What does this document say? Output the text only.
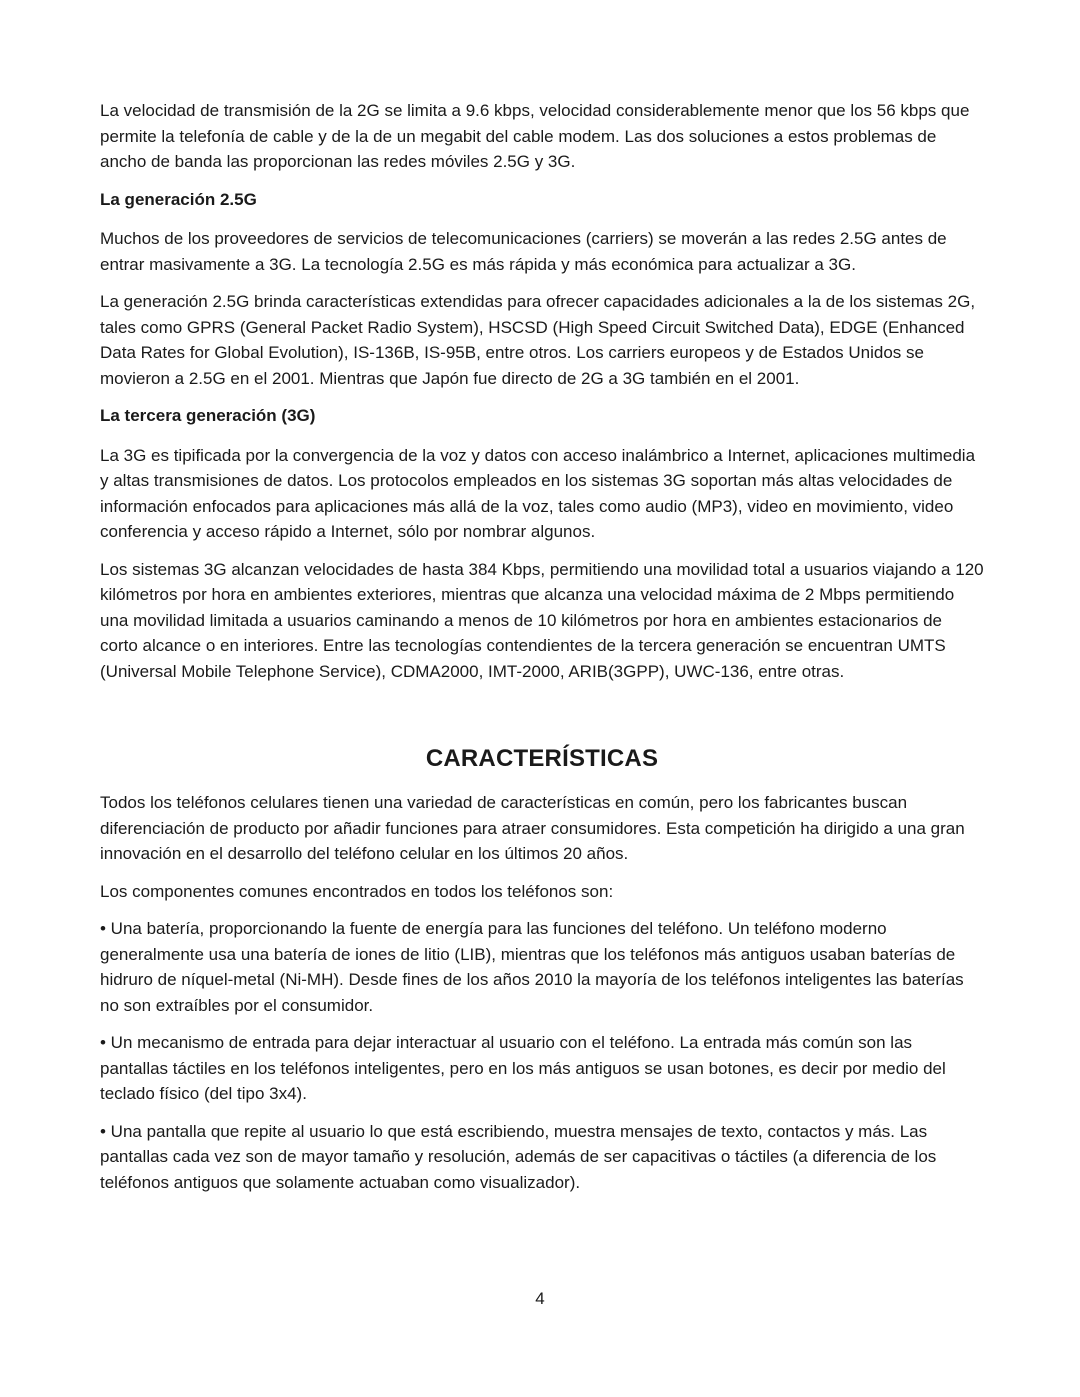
La velocidad de transmisión de la 2G se limita a 9.6 kbps, velocidad considerablemente menor que los 56 kbps que permite la telefonía de cable y de la de un megabit del cable modem. Las dos soluciones a estos problemas de ancho de banda las proporcionan las redes móviles 2.5G y 3G.

La generación 2.5G

Muchos de los proveedores de servicios de telecomunicaciones (carriers) se moverán a las redes 2.5G antes de entrar masivamente a 3G. La tecnología 2.5G es más rápida y más económica para actualizar a 3G.

La generación 2.5G brinda características extendidas para ofrecer capacidades adicionales a la de los sistemas 2G, tales como GPRS (General Packet Radio System), HSCSD (High Speed Circuit Switched Data), EDGE (Enhanced Data Rates for Global Evolution), IS-136B, IS-95B, entre otros. Los carriers europeos y de Estados Unidos se movieron a 2.5G en el 2001. Mientras que Japón fue directo de 2G a 3G también en el 2001.

La tercera generación (3G)

La 3G es tipificada por la convergencia de la voz y datos con acceso inalámbrico a Internet, aplicaciones multimedia y altas transmisiones de datos. Los protocolos empleados en los sistemas 3G soportan más altas velocidades de información enfocados para aplicaciones más allá de la voz, tales como audio (MP3), video en movimiento, video conferencia y acceso rápido a Internet, sólo por nombrar algunos.

Los sistemas 3G alcanzan velocidades de hasta 384 Kbps, permitiendo una movilidad total a usuarios viajando a 120 kilómetros por hora en ambientes exteriores, mientras que alcanza una velocidad máxima de 2 Mbps permitiendo una movilidad limitada a usuarios caminando a menos de 10 kilómetros por hora en ambientes estacionarios de corto alcance o en interiores. Entre las tecnologías contendientes de la tercera generación se encuentran UMTS (Universal Mobile Telephone Service), CDMA2000, IMT-2000, ARIB(3GPP), UWC-136, entre otras.

CARACTERÍSTICAS

Todos los teléfonos celulares tienen una variedad de características en común, pero los fabricantes buscan diferenciación de producto por añadir funciones para atraer consumidores. Esta competición ha dirigido a una gran innovación en el desarrollo del teléfono celular en los últimos 20 años.

Los componentes comunes encontrados en todos los teléfonos son:

• Una batería, proporcionando la fuente de energía para las funciones del teléfono. Un teléfono moderno generalmente usa una batería de iones de litio (LIB), mientras que los teléfonos más antiguos usaban baterías de hidruro de níquel-metal (Ni-MH). Desde fines de los años 2010 la mayoría de los teléfonos inteligentes las baterías no son extraíbles por el consumidor.

• Un mecanismo de entrada para dejar interactuar al usuario con el teléfono. La entrada más común son las pantallas táctiles en los teléfonos inteligentes, pero en los más antiguos se usan botones, es decir por medio del teclado físico (del tipo 3x4).

• Una pantalla que repite al usuario lo que está escribiendo, muestra mensajes de texto, contactos y más. Las pantallas cada vez son de mayor tamaño y resolución, además de ser capacitivas o táctiles (a diferencia de los teléfonos antiguos que solamente actuaban como visualizador).

4
